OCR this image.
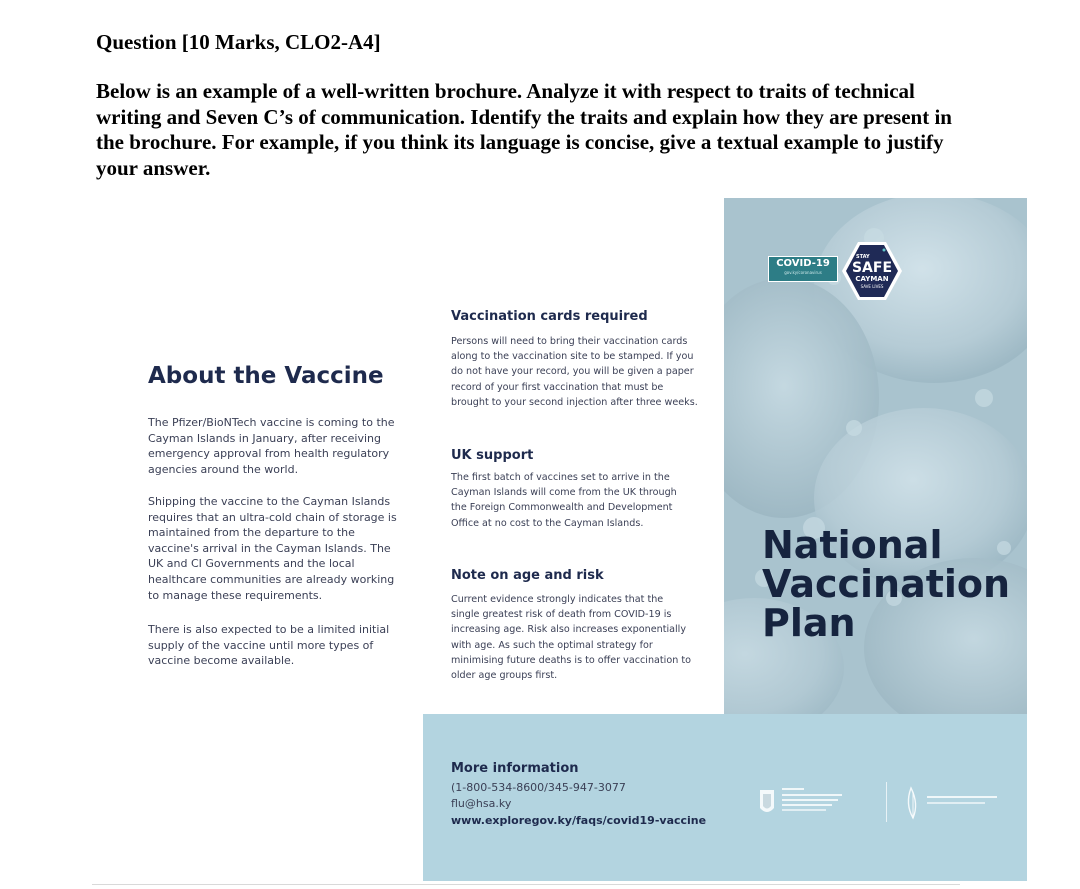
Question [10 Marks, CLO2-A4]

Below is an example of a well-written brochure. Analyze it with respect to traits of technical writing and Seven C’s of communication. Identify the traits and explain how they are present in the brochure. For example, if you think its language is concise, give a textual example to justify your answer.

About the Vaccine

The Pfizer/BioNTech vaccine is coming to the Cayman Islands in January, after receiving emergency approval from health regulatory agencies around the world.

Shipping the vaccine to the Cayman Islands requires that an ultra-cold chain of storage is maintained from the departure to the vaccine's arrival in the Cayman Islands. The UK and CI Governments and the local healthcare communities are already working to manage these requirements.

There is also expected to be a limited initial supply of the vaccine until more types of vaccine become available.

Vaccination cards required

Persons will need to bring their vaccination cards along to the vaccination site to be stamped. If you do not have your record, you will be given a paper record of your first vaccination that must be brought to your second injection after three weeks.

UK support

The first batch of vaccines set to arrive in the Cayman Islands will come from the UK through the Foreign Commonwealth and Development Office at no cost to the Cayman Islands.

Note on age and risk

Current evidence strongly indicates that the single greatest risk of death from COVID-19 is increasing age. Risk also increases exponentially with age. As such the optimal strategy for minimising future deaths is to offer vaccination to older age groups first.

COVID-19
gov.ky/coronavirus
STAY
SAFE
CAYMAN
SAVE LIVES
National
Vaccination
Plan
More information
(1-800-534-8600/345-947-3077
flu@hsa.ky
www.exploregov.ky/faqs/covid19-vaccine
